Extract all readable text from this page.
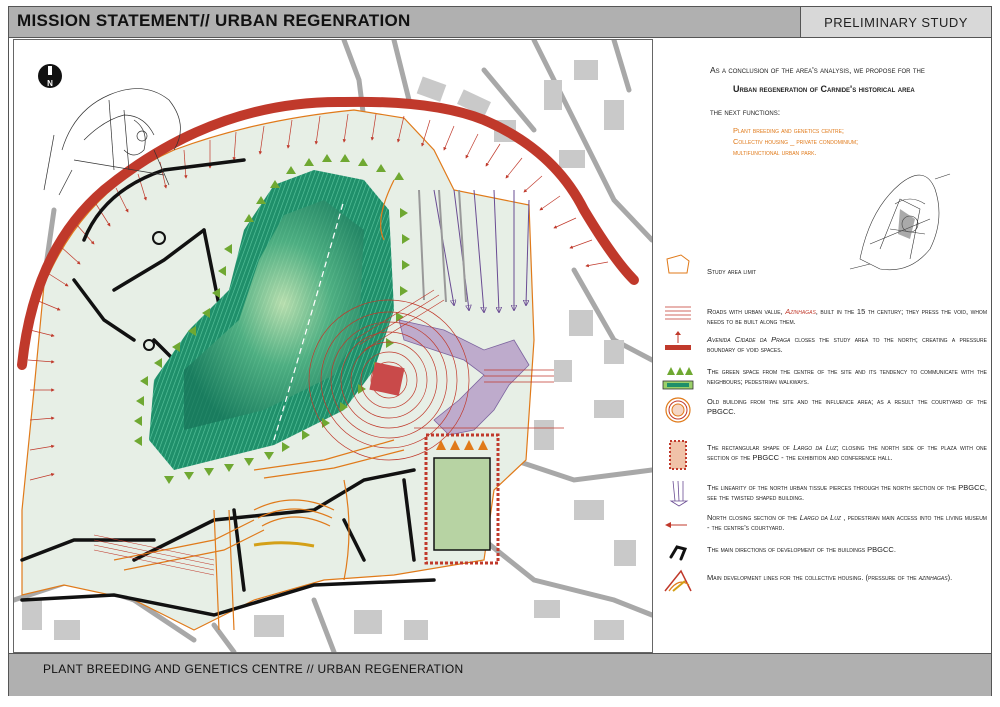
MISSION STATEMENT// URBAN REGENRATION	PRELIMINARY STUDY
N
As a conclusion of the area's analysis, we propose for the
Urban regeneration of Carnide's historical area
the next functions:
Plant breeding and genetics centre;
Collectiv housing _ private condominium;
multifunctional urban park.
Study area limit
Roads with urban value, Azinhagas, built in the 15 th century; they press the void, whom needs to be built along them.
Avenida Cidade da Praga closes the study area to the north; creating a pressure boundary of void spaces.
The green space from the centre of the site and its tendency to communicate with the neighbours; pedestrian walkways.
Old building from the site and the influence area; as a result the courtyard of the PBGCC.
The rectangular shape of Largo da Luz; closing the north side of the plaza with one section of the PBGCC - the exhibition and conference hall.
The linearity of the north urban tissue pierces through the north section of the PBGCC, see the twisted shaped building.
North closing section of the Largo da Luz , pedestrian main access into the living museum - the centre's courtyard.
The main directions of development of the buildings PBGCC.
Main development lines for the collective housing. (pressure of the azinhagas).
PLANT BREEDING AND GENETICS CENTRE // URBAN REGENERATION
